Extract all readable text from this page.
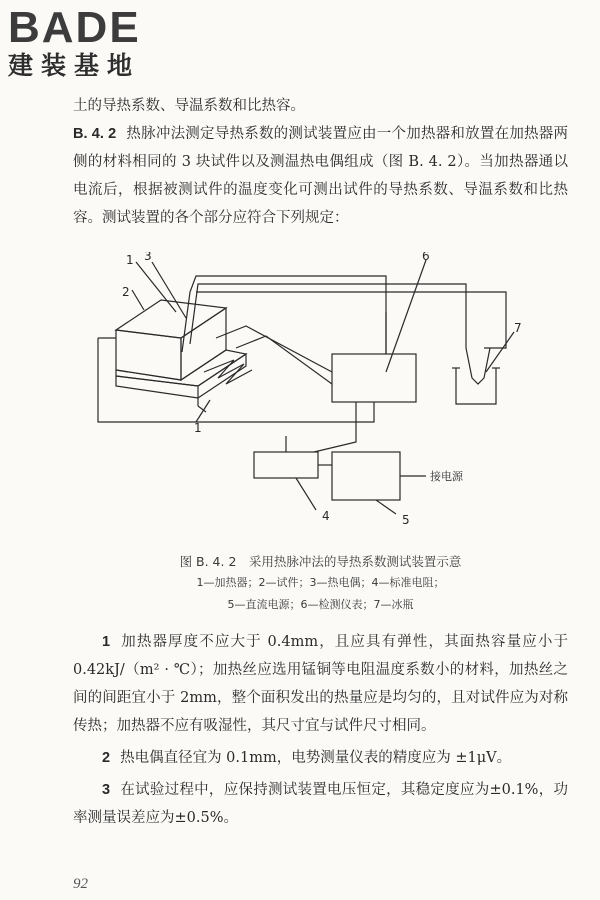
BADE
建装基地

土的导热系数、导温系数和比热容。

B. 4. 2 热脉冲法测定导热系数的测试装置应由一个加热器和放置在加热器两侧的材料相同的 3 块试件以及测温热电偶组成（图 B. 4. 2）。当加热器通以电流后，根据被测试件的温度变化可测出试件的导热系数、导温系数和比热容。测试装置的各个部分应符合下列规定：

1 3
2
6
7
1
4	5
接电源
图 B. 4. 2　采用热脉冲法的导热系数测试装置示意
1—加热器；2—试件；3—热电偶；4—标准电阻；
5—直流电源；6—检测仪表；7—冰瓶

1 加热器厚度不应大于 0.4mm，且应具有弹性，其面热容量应小于 0.42kJ/（m² · ℃）；加热丝应选用锰铜等电阻温度系数小的材料，加热丝之间的间距宜小于 2mm，整个面积发出的热量应是均匀的，且对试件应为对称传热；加热器不应有吸湿性，其尺寸宜与试件尺寸相同。

2 热电偶直径宜为 0.1mm，电势测量仪表的精度应为 ±1μV。

3 在试验过程中，应保持测试装置电压恒定，其稳定度应为±0.1%，功率测量误差应为±0.5%。

92
